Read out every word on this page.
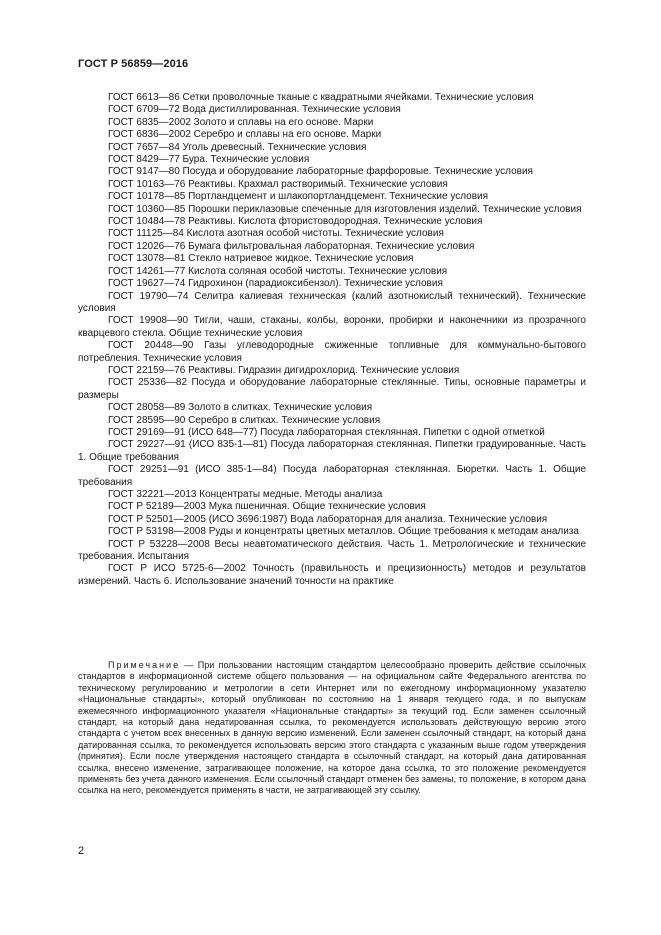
ГОСТ Р 56859—2016

ГОСТ 6613—86 Сетки проволочные тканые с квадратными ячейками. Технические условия

ГОСТ 6709—72 Вода дистиллированная. Технические условия

ГОСТ 6835—2002 Золото и сплавы на его основе. Марки

ГОСТ 6836—2002 Серебро и сплавы на его основе. Марки

ГОСТ 7657—84 Уголь древесный. Технические условия

ГОСТ 8429—77 Бура. Технические условия

ГОСТ 9147—80 Посуда и оборудование лабораторные фарфоровые. Технические условия

ГОСТ 10163—76 Реактивы. Крахмал растворимый. Технические условия

ГОСТ 10178—85 Портландцемент и шлакопортландцемент. Технические условия

ГОСТ 10360—85 Порошки периклазовые спеченные для изготовления изделий. Технические условия

ГОСТ 10484—78 Реактивы. Кислота фтористоводородная. Технические условия

ГОСТ 11125—84 Кислота азотная особой чистоты. Технические условия

ГОСТ 12026—76 Бумага фильтровальная лабораторная. Технические условия

ГОСТ 13078—81 Стекло натриевое жидкое. Технические условия

ГОСТ 14261—77 Кислота соляная особой чистоты. Технические условия

ГОСТ 19627—74 Гидрохинон (парадиоксибензол). Технические условия

ГОСТ 19790—74 Селитра калиевая техническая (калий азотнокислый технический). Технические условия

ГОСТ 19908—90 Тигли, чаши, стаканы, колбы, воронки, пробирки и наконечники из прозрачного кварцевого стекла. Общие технические условия

ГОСТ 20448—90 Газы углеводородные сжиженные топливные для коммунально-бытового потребления. Технические условия

ГОСТ 22159—76 Реактивы. Гидразин дигидрохлорид. Технические условия

ГОСТ 25336—82 Посуда и оборудование лабораторные стеклянные. Типы, основные параметры и размеры

ГОСТ 28058—89 Золото в слитках. Технические условия

ГОСТ 28595—90 Серебро в слитках. Технические условия

ГОСТ 29169—91 (ИСО 648—77) Посуда лабораторная стеклянная. Пипетки с одной отметкой

ГОСТ 29227—91 (ИСО 835-1—81) Посуда лабораторная стеклянная. Пипетки градуированные. Часть 1. Общие требования

ГОСТ 29251—91 (ИСО 385-1—84) Посуда лабораторная стеклянная. Бюретки. Часть 1. Общие требования

ГОСТ 32221—2013 Концентраты медные. Методы анализа

ГОСТ Р 52189—2003 Мука пшеничная. Общие технические условия

ГОСТ Р 52501—2005 (ИСО 3696:1987) Вода лабораторная для анализа. Технические условия

ГОСТ Р 53198—2008 Руды и концентраты цветных металлов. Общие требования к методам анализа

ГОСТ Р 53228—2008 Весы неавтоматического действия. Часть 1. Метрологические и технические требования. Испытания

ГОСТ Р ИСО 5725-6—2002 Точность (правильность и прецизионность) методов и результатов измерений. Часть 6. Использование значений точности на практике

Примечание — При пользовании настоящим стандартом целесообразно проверить действие ссылочных стандартов в информационной системе общего пользования — на официальном сайте Федерального агентства по техническому регулированию и метрологии в сети Интернет или по ежегодному информационному указателю «Национальные стандарты», который опубликован по состоянию на 1 января текущего года, и по выпускам ежемесячного информационного указателя «Национальные стандарты» за текущий год. Если заменен ссылочный стандарт, на который дана недатированная ссылка, то рекомендуется использовать действующую версию этого стандарта с учетом всех внесенных в данную версию изменений. Если заменен ссылочный стандарт, на который дана датированная ссылка, то рекомендуется использовать версию этого стандарта с указанным выше годом утверждения (принятия). Если после утверждения настоящего стандарта в ссылочный стандарт, на который дана датированная ссылка, внесено изменение, затрагивающее положение, на которое дана ссылка, то это положение рекомендуется применять без учета данного изменения. Если ссылочный стандарт отменен без замены, то положение, в котором дана ссылка на него, рекомендуется применять в части, не затрагивающей эту ссылку.
2
